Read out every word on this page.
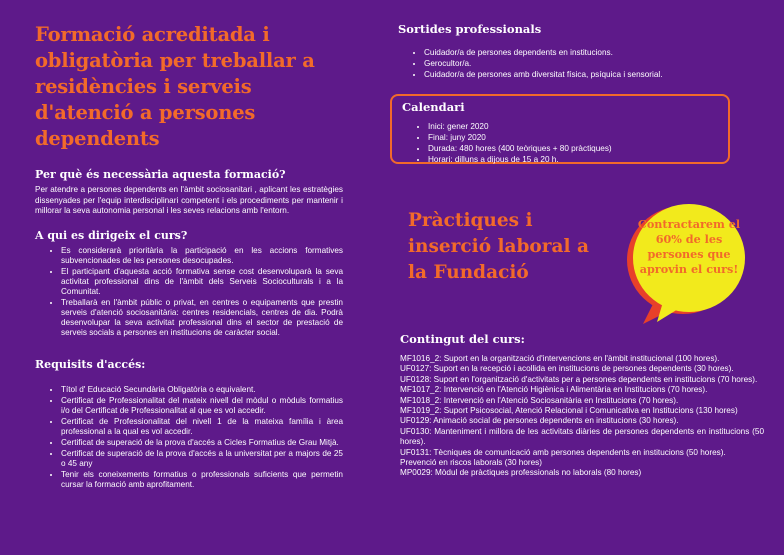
Formació acreditada i obligatòria per treballar a residències i serveis d'atenció a persones dependents
Per què és necessària aquesta formació?

Per atendre a persones dependents en l'àmbit sociosanitari , aplicant les estratègies dissenyades per l'equip interdisciplinari competent i els procediments per mantenir i millorar la seva autonomia personal i les seves relacions amb l'entorn.

A qui es dirigeix el curs?
• Es considerarà prioritària la participació en les accions formatives subvencionades de les persones desocupades.
• El participant d'aquesta acció formativa sense cost desenvoluparà la seva activitat professional dins de l'àmbit dels Serveis Socioculturals i a la Comunitat.
• Treballarà en l'àmbit públic o privat, en centres o equipaments que prestin serveis d'atenció sociosanitària: centres residencials, centres de dia. Podrà desenvolupar la seva activitat professional dins el sector de prestació de serveis socials a persones en institucions de caràcter social.
Requisits d'accés:
• Títol d' Educació Secundària Obligatòria o equivalent.
• Certificat de Professionalitat del mateix nivell del mòdul o mòduls formatius i/o del Certificat de Professionalitat al que es vol accedir.
• Certificat de Professionalitat del nivell 1 de la mateixa família i àrea professional a la qual es vol accedir.
• Certificat de superació de la prova d'accés a Cicles Formatius de Grau Mitjà.
• Certificat de superació de la prova d'accés a la universitat per a majors de 25 o 45 any
• Tenir els coneixements formatius o professionals suficients que permetin cursar la formació amb aprofitament.
Sortides professionals
• Cuidador/a de persones dependents en institucions.
• Gerocultor/a.
• Cuidador/a de persones amb diversitat física, psíquica i sensorial.
Calendari
• Inici: gener 2020
• Final: juny 2020
• Durada: 480 hores (400 teòriques + 80 pràctiques)
• Horari: dilluns a dijous de 15 a 20 h.
Pràctiques i inserció laboral a la Fundació
Contractarem el 60% de les persones que aprovin el curs!
Contingut del curs:
MF1016_2: Suport en la organització d'intervencions en l'àmbit institucional (100 hores).
UF0127: Suport en la recepció i acollida en institucions de persones dependents (30 hores).
UF0128: Suport en l'organització d'activitats per a persones dependents en institucions (70 hores).
MF1017_2: Intervenció en l'Atenció Higiènica i Alimentària en Institucions (70 hores).
MF1018_2: Intervenció en l'Atenció Sociosanitària en Institucions (70 hores).
MF1019_2: Suport Psicosocial, Atenció Relacional i Comunicativa en Institucions (130 hores)
UF0129: Animació social de persones dependents en institucions (30 hores).
UF0130: Manteniment i millora de les activitats diàries de persones dependents en institucions (50 hores).
UF0131: Tècniques de comunicació amb persones dependents en institucions (50 hores).
Prevenció en riscos laborals (30 hores)
MP0029: Mòdul de pràctiques professionals no laborals (80 hores)
